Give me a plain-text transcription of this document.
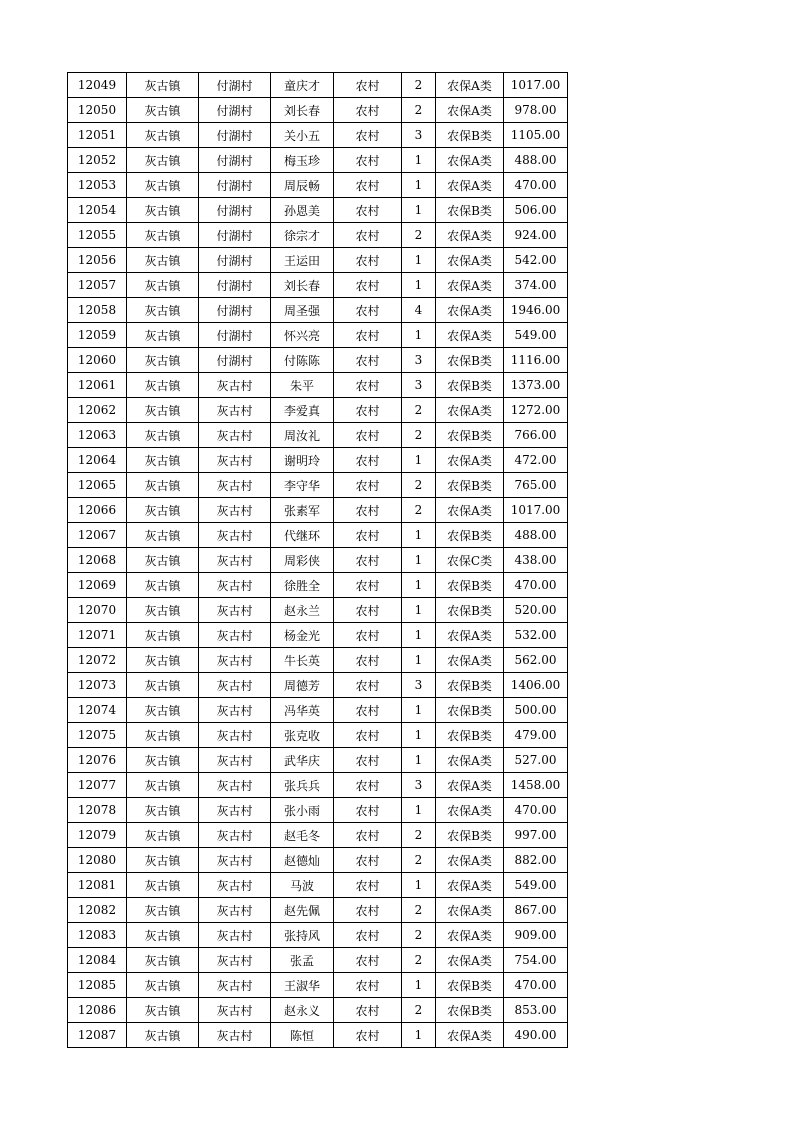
12049	灰古镇	付湖村	童庆才	农村	2	农保A类	1017.00
12050	灰古镇	付湖村	刘长春	农村	2	农保A类	978.00
12051	灰古镇	付湖村	关小五	农村	3	农保B类	1105.00
12052	灰古镇	付湖村	梅玉珍	农村	1	农保A类	488.00
12053	灰古镇	付湖村	周辰畅	农村	1	农保A类	470.00
12054	灰古镇	付湖村	孙恩美	农村	1	农保B类	506.00
12055	灰古镇	付湖村	徐宗才	农村	2	农保A类	924.00
12056	灰古镇	付湖村	王运田	农村	1	农保A类	542.00
12057	灰古镇	付湖村	刘长春	农村	1	农保A类	374.00
12058	灰古镇	付湖村	周圣强	农村	4	农保A类	1946.00
12059	灰古镇	付湖村	怀兴亮	农村	1	农保A类	549.00
12060	灰古镇	付湖村	付陈陈	农村	3	农保B类	1116.00
12061	灰古镇	灰古村	朱平	农村	3	农保B类	1373.00
12062	灰古镇	灰古村	李爱真	农村	2	农保A类	1272.00
12063	灰古镇	灰古村	周汝礼	农村	2	农保B类	766.00
12064	灰古镇	灰古村	谢明玲	农村	1	农保A类	472.00
12065	灰古镇	灰古村	李守华	农村	2	农保B类	765.00
12066	灰古镇	灰古村	张素军	农村	2	农保A类	1017.00
12067	灰古镇	灰古村	代继环	农村	1	农保B类	488.00
12068	灰古镇	灰古村	周彩侠	农村	1	农保C类	438.00
12069	灰古镇	灰古村	徐胜全	农村	1	农保B类	470.00
12070	灰古镇	灰古村	赵永兰	农村	1	农保B类	520.00
12071	灰古镇	灰古村	杨金光	农村	1	农保A类	532.00
12072	灰古镇	灰古村	牛长英	农村	1	农保A类	562.00
12073	灰古镇	灰古村	周德芳	农村	3	农保B类	1406.00
12074	灰古镇	灰古村	冯华英	农村	1	农保B类	500.00
12075	灰古镇	灰古村	张克收	农村	1	农保B类	479.00
12076	灰古镇	灰古村	武华庆	农村	1	农保A类	527.00
12077	灰古镇	灰古村	张兵兵	农村	3	农保A类	1458.00
12078	灰古镇	灰古村	张小雨	农村	1	农保A类	470.00
12079	灰古镇	灰古村	赵毛冬	农村	2	农保B类	997.00
12080	灰古镇	灰古村	赵德灿	农村	2	农保A类	882.00
12081	灰古镇	灰古村	马波	农村	1	农保A类	549.00
12082	灰古镇	灰古村	赵先佩	农村	2	农保A类	867.00
12083	灰古镇	灰古村	张持风	农村	2	农保A类	909.00
12084	灰古镇	灰古村	张孟	农村	2	农保A类	754.00
12085	灰古镇	灰古村	王淑华	农村	1	农保B类	470.00
12086	灰古镇	灰古村	赵永义	农村	2	农保B类	853.00
12087	灰古镇	灰古村	陈恒	农村	1	农保A类	490.00
